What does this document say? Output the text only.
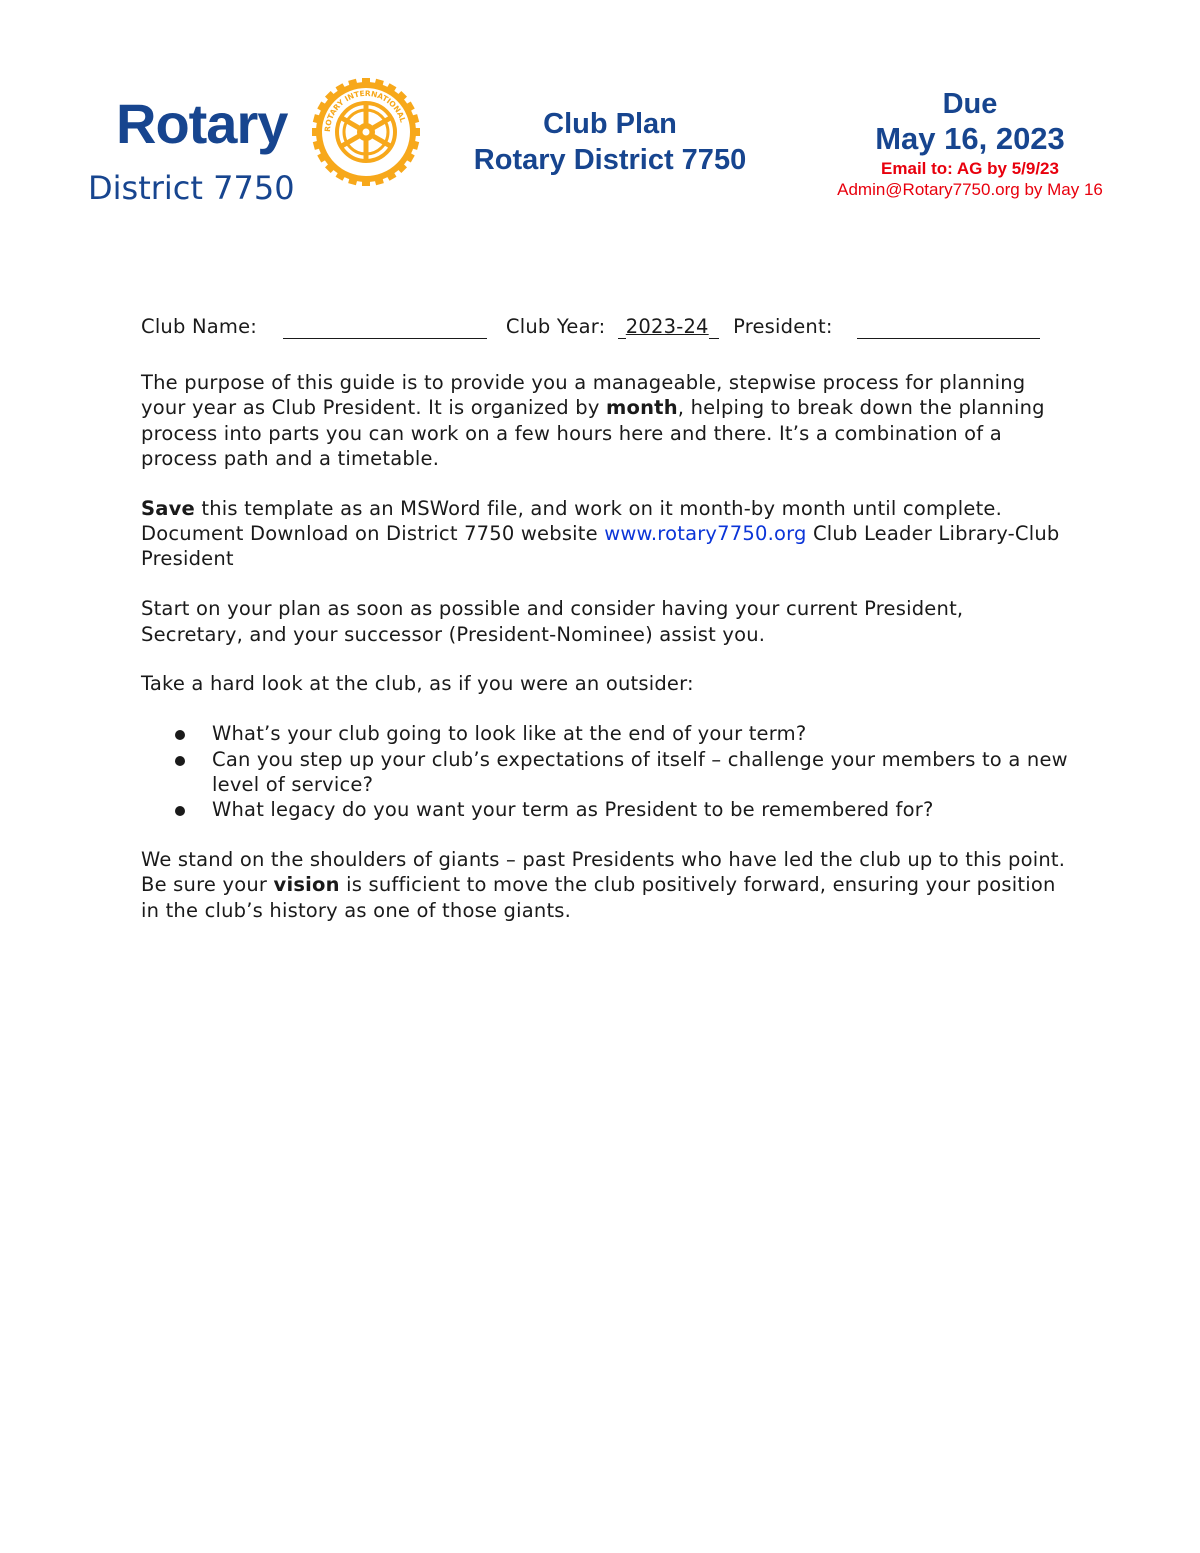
Rotary
District 7750
ROTARY INTERNATIONAL	Club Plan
Rotary District 7750
Due
May 16, 2023
Email to: AG by 5/9/23
Admin@Rotary7750.org by May 16
Club Name:	Club Year: 2023-24 President:

The purpose of this guide is to provide you a manageable, stepwise process for planning your year as Club President. It is organized by month, helping to break down the planning process into parts you can work on a few hours here and there. It’s a combination of a process path and a timetable.

Save this template as an MSWord file, and work on it month-by month until complete.
Document Download on District 7750 website www.rotary7750.org Club Leader Library-Club President

Start on your plan as soon as possible and consider having your current President, Secretary, and your successor (President-Nominee) assist you.

Take a hard look at the club, as if you were an outsider:

What’s your club going to look like at the end of your term?
Can you step up your club’s expectations of itself – challenge your members to a new level of service?
What legacy do you want your term as President to be remembered for?

We stand on the shoulders of giants – past Presidents who have led the club up to this point. Be sure your vision is sufficient to move the club positively forward, ensuring your position in the club’s history as one of those giants.
